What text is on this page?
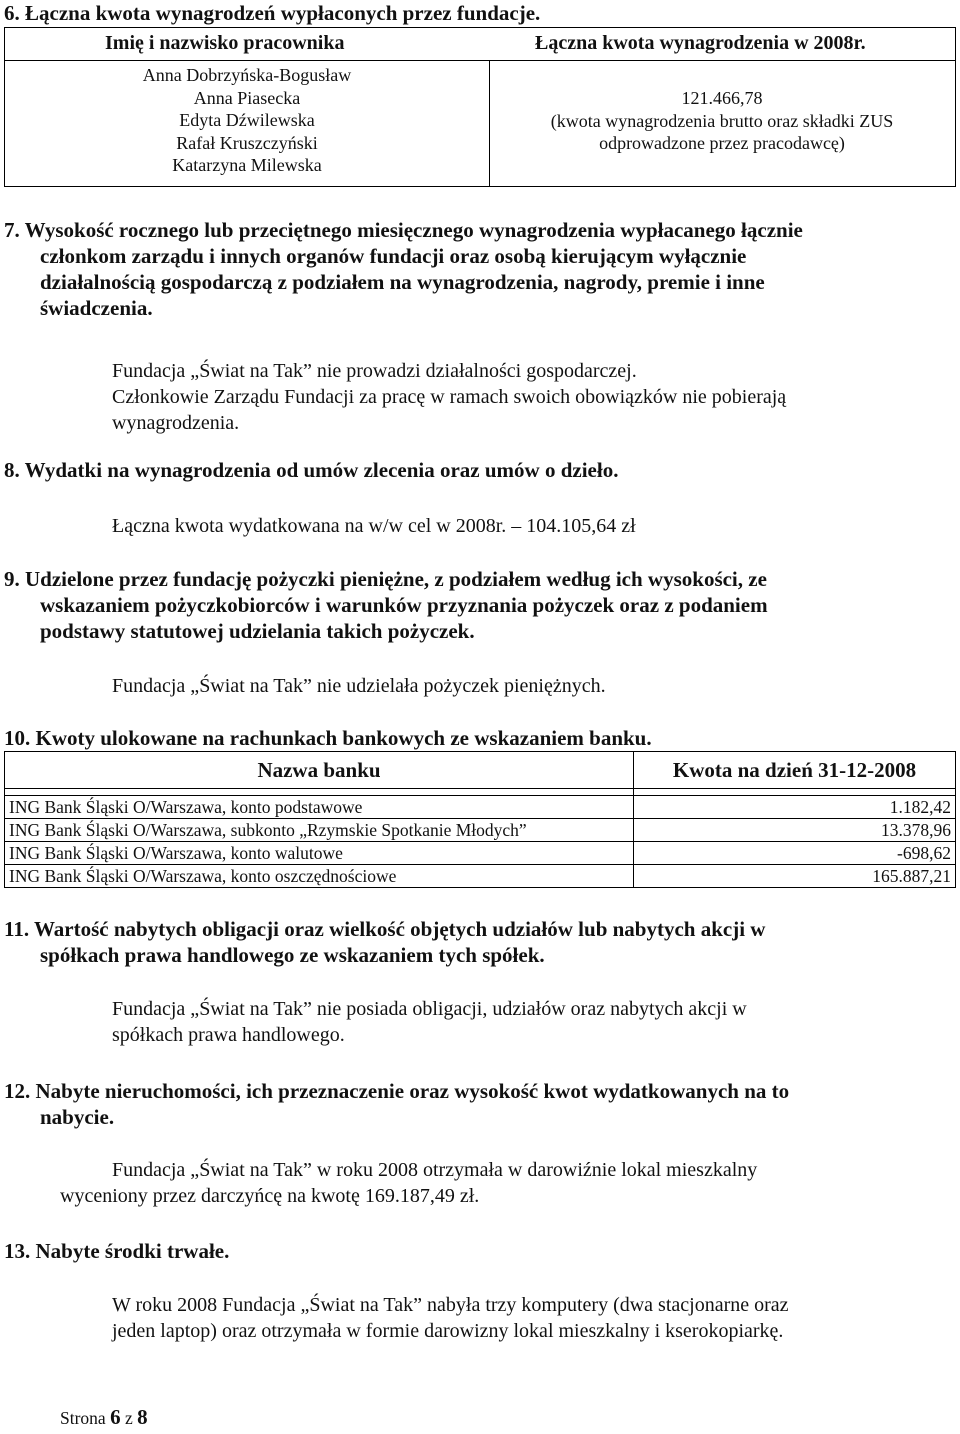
6. Łączna kwota wynagrodzeń wypłaconych przez fundacje.
Imię i nazwisko pracownika	Łączna kwota wynagrodzenia w 2008r.
Anna Dobrzyńska-Bogusław
Anna Piasecka
Edyta Dźwilewska
Rafał Kruszczyński
Katarzyna Milewska
121.466,78
(kwota wynagrodzenia brutto oraz składki ZUS
odprowadzone przez pracodawcę)
7. Wysokość rocznego lub przeciętnego miesięcznego wynagrodzenia wypłacanego łącznie
członkom zarządu i innych organów fundacji oraz osobą kierującym wyłącznie
działalnością gospodarczą z podziałem na wynagrodzenia, nagrody, premie i inne
świadczenia.
Fundacja „Świat na Tak” nie prowadzi działalności gospodarczej.
Członkowie Zarządu Fundacji za pracę w ramach swoich obowiązków nie pobierają
wynagrodzenia.
8. Wydatki na wynagrodzenia od umów zlecenia oraz umów o dzieło.
Łączna kwota wydatkowana na w/w cel w 2008r. – 104.105,64 zł
9. Udzielone przez fundację pożyczki pieniężne, z podziałem według ich wysokości, ze
wskazaniem pożyczkobiorców i warunków przyznania pożyczek oraz z podaniem
podstawy statutowej udzielania takich pożyczek.
Fundacja „Świat na Tak” nie udzielała pożyczek pieniężnych.
10. Kwoty ulokowane na rachunkach bankowych ze wskazaniem banku.
Nazwa banku	Kwota na dzień 31-12-2008

ING Bank Śląski O/Warszawa, konto podstawowe	1.182,42
ING Bank Śląski O/Warszawa, subkonto „Rzymskie Spotkanie Młodych”	13.378,96
ING Bank Śląski O/Warszawa, konto walutowe	-698,62
ING Bank Śląski O/Warszawa, konto oszczędnościowe	165.887,21
11. Wartość nabytych obligacji oraz wielkość objętych udziałów lub nabytych akcji w
spółkach prawa handlowego ze wskazaniem tych spółek.
Fundacja „Świat na Tak” nie posiada obligacji, udziałów oraz nabytych akcji w
spółkach prawa handlowego.
12. Nabyte nieruchomości, ich przeznaczenie oraz wysokość kwot wydatkowanych na to
nabycie.
Fundacja „Świat na Tak” w roku 2008 otrzymała w darowiźnie lokal mieszkalny
wyceniony przez darczyńcę na kwotę 169.187,49 zł.
13. Nabyte środki trwałe.
W roku 2008 Fundacja „Świat na Tak” nabyła trzy komputery (dwa stacjonarne oraz
jeden laptop) oraz otrzymała w formie darowizny lokal mieszkalny i kserokopiarkę.
Strona 6 z 8
